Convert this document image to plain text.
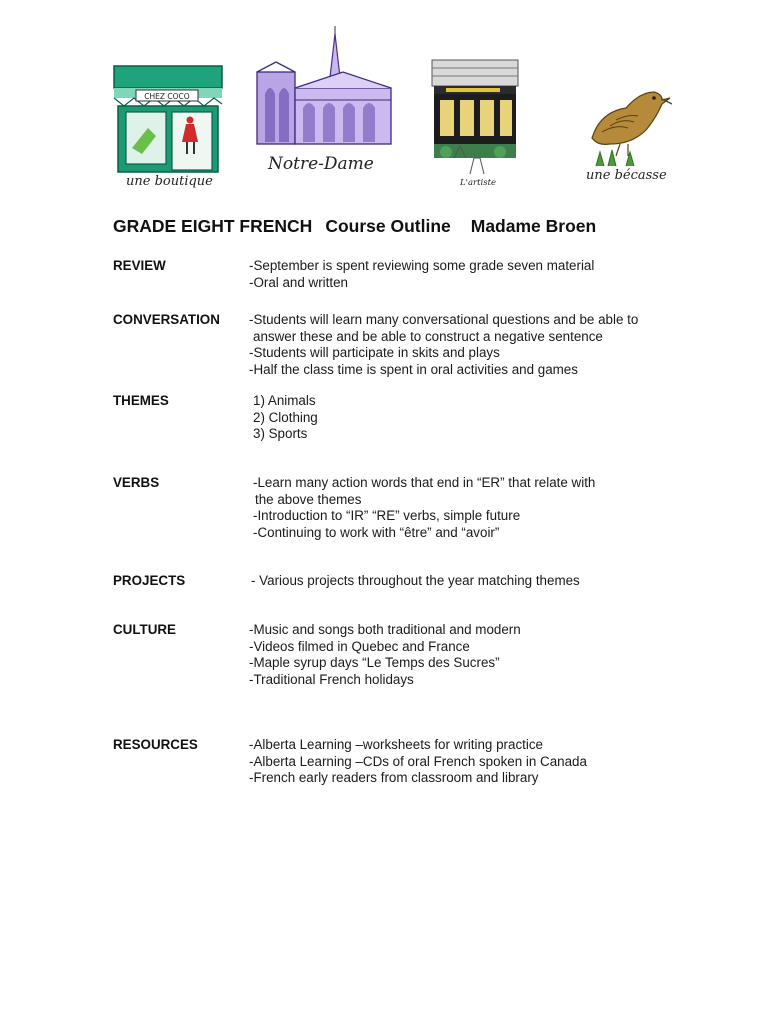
CHEZ COCO
une boutique
Notre-Dame
L'artiste	une bécasse
GRADE EIGHT FRENCH Course Outline Madame Broen
REVIEW	-September is spent reviewing some grade seven material
-Oral and written
CONVERSATION -Students will learn many conversational questions and be able to
answer these and be able to construct a negative sentence
-Students will participate in skits and plays
-Half the class time is spent in oral activities and games
THEMES	1) Animals
2) Clothing
3) Sports
VERBS	-Learn many action words that end in “ER” that relate with
the above themes
-Introduction to “IR” “RE” verbs, simple future
-Continuing to work with “être” and “avoir”
PROJECTS	- Various projects throughout the year matching themes
CULTURE	-Music and songs both traditional and modern
-Videos filmed in Quebec and France
-Maple syrup days “Le Temps des Sucres”
-Traditional French holidays
RESOURCES	-Alberta Learning –worksheets for writing practice
-Alberta Learning –CDs of oral French spoken in Canada
-French early readers from classroom and library
